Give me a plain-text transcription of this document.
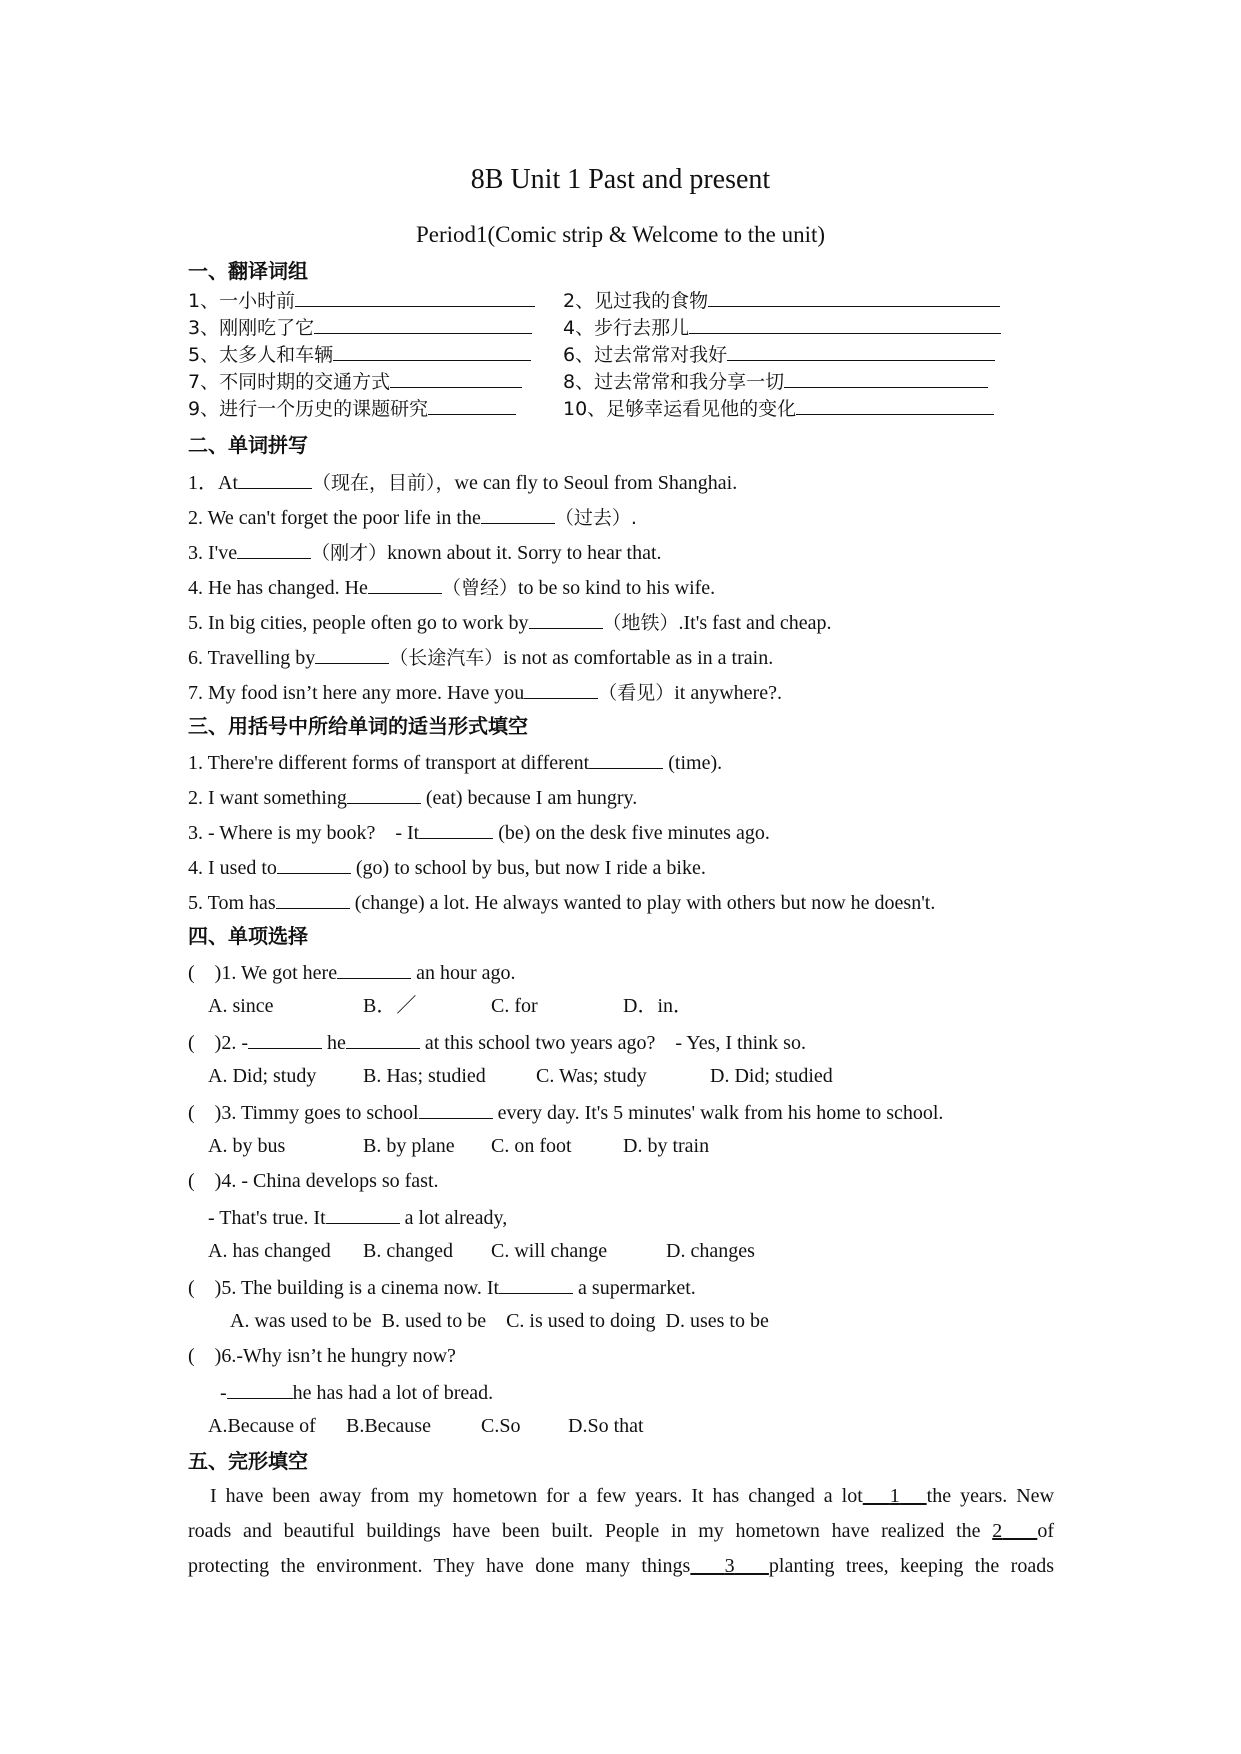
8B Unit 1 Past and present
Period1(Comic strip & Welcome to the unit)
一、翻译词组
1、一小时前	2、见过我的食物
3、刚刚吃了它	4、步行去那儿
5、太多人和车辆	6、过去常常对我好
7、不同时期的交通方式	8、过去常常和我分享一切
9、进行一个历史的课题研究	10、足够幸运看见他的变化
二、单词拼写
1．At	（现在，目前），we can fly to Seoul from Shanghai.
2. We can't forget the poor life in the	（过去）.
3. I've	（刚才）known about it. Sorry to hear that.
4. He has changed. He	（曾经）to be so kind to his wife.
5. In big cities, people often go to work by	（地铁）.It's fast and cheap.
6. Travelling by	（长途汽车）is not as comfortable as in a train.
7. My food isn’t here any more. Have you	（看见）it anywhere?.
三、用括号中所给单词的适当形式填空
1. There're different forms of transport at different	(time).
2. I want something	(eat) because I am hungry.
3. - Where is my book?    - It	(be) on the desk five minutes ago.
4. I used to	(go) to school by bus, but now I ride a bike.
5. Tom has	(change) a lot. He always wanted to play with others but now he doesn't.
四、单项选择
(    )1. We got here	an hour ago.
A. since	B．／	C. for	D．in．
(    )2. -	he	at this school two years ago?    - Yes, I think so.
A. Did; study B. Has; studied	C. Was; study	D. Did; studied
(    )3. Timmy goes to school	every day. It's 5 minutes' walk from his home to school.
A. by bus	B. by plane C. on foot	D. by train
(    )4. - China develops so fast.
- That's true. It	a lot already,
A. has changed B. changed C. will change	D. changes
(    )5. The building is a cinema now. It	a supermarket.
A. was used to be  B. used to be    C. is used to doing  D. uses to be
(    )6.-Why isn’t he hungry now?
-	he has had a lot of bread.
A.Because of B.Because	C.So D.So that
五、完形填空
I have been away from my hometown for a few years. It has changed a lot 1 the years. New
roads and beautiful buildings have been built. People in my hometown have realized the 2 of
protecting the environment. They have done many things 3 planting trees, keeping the roads
